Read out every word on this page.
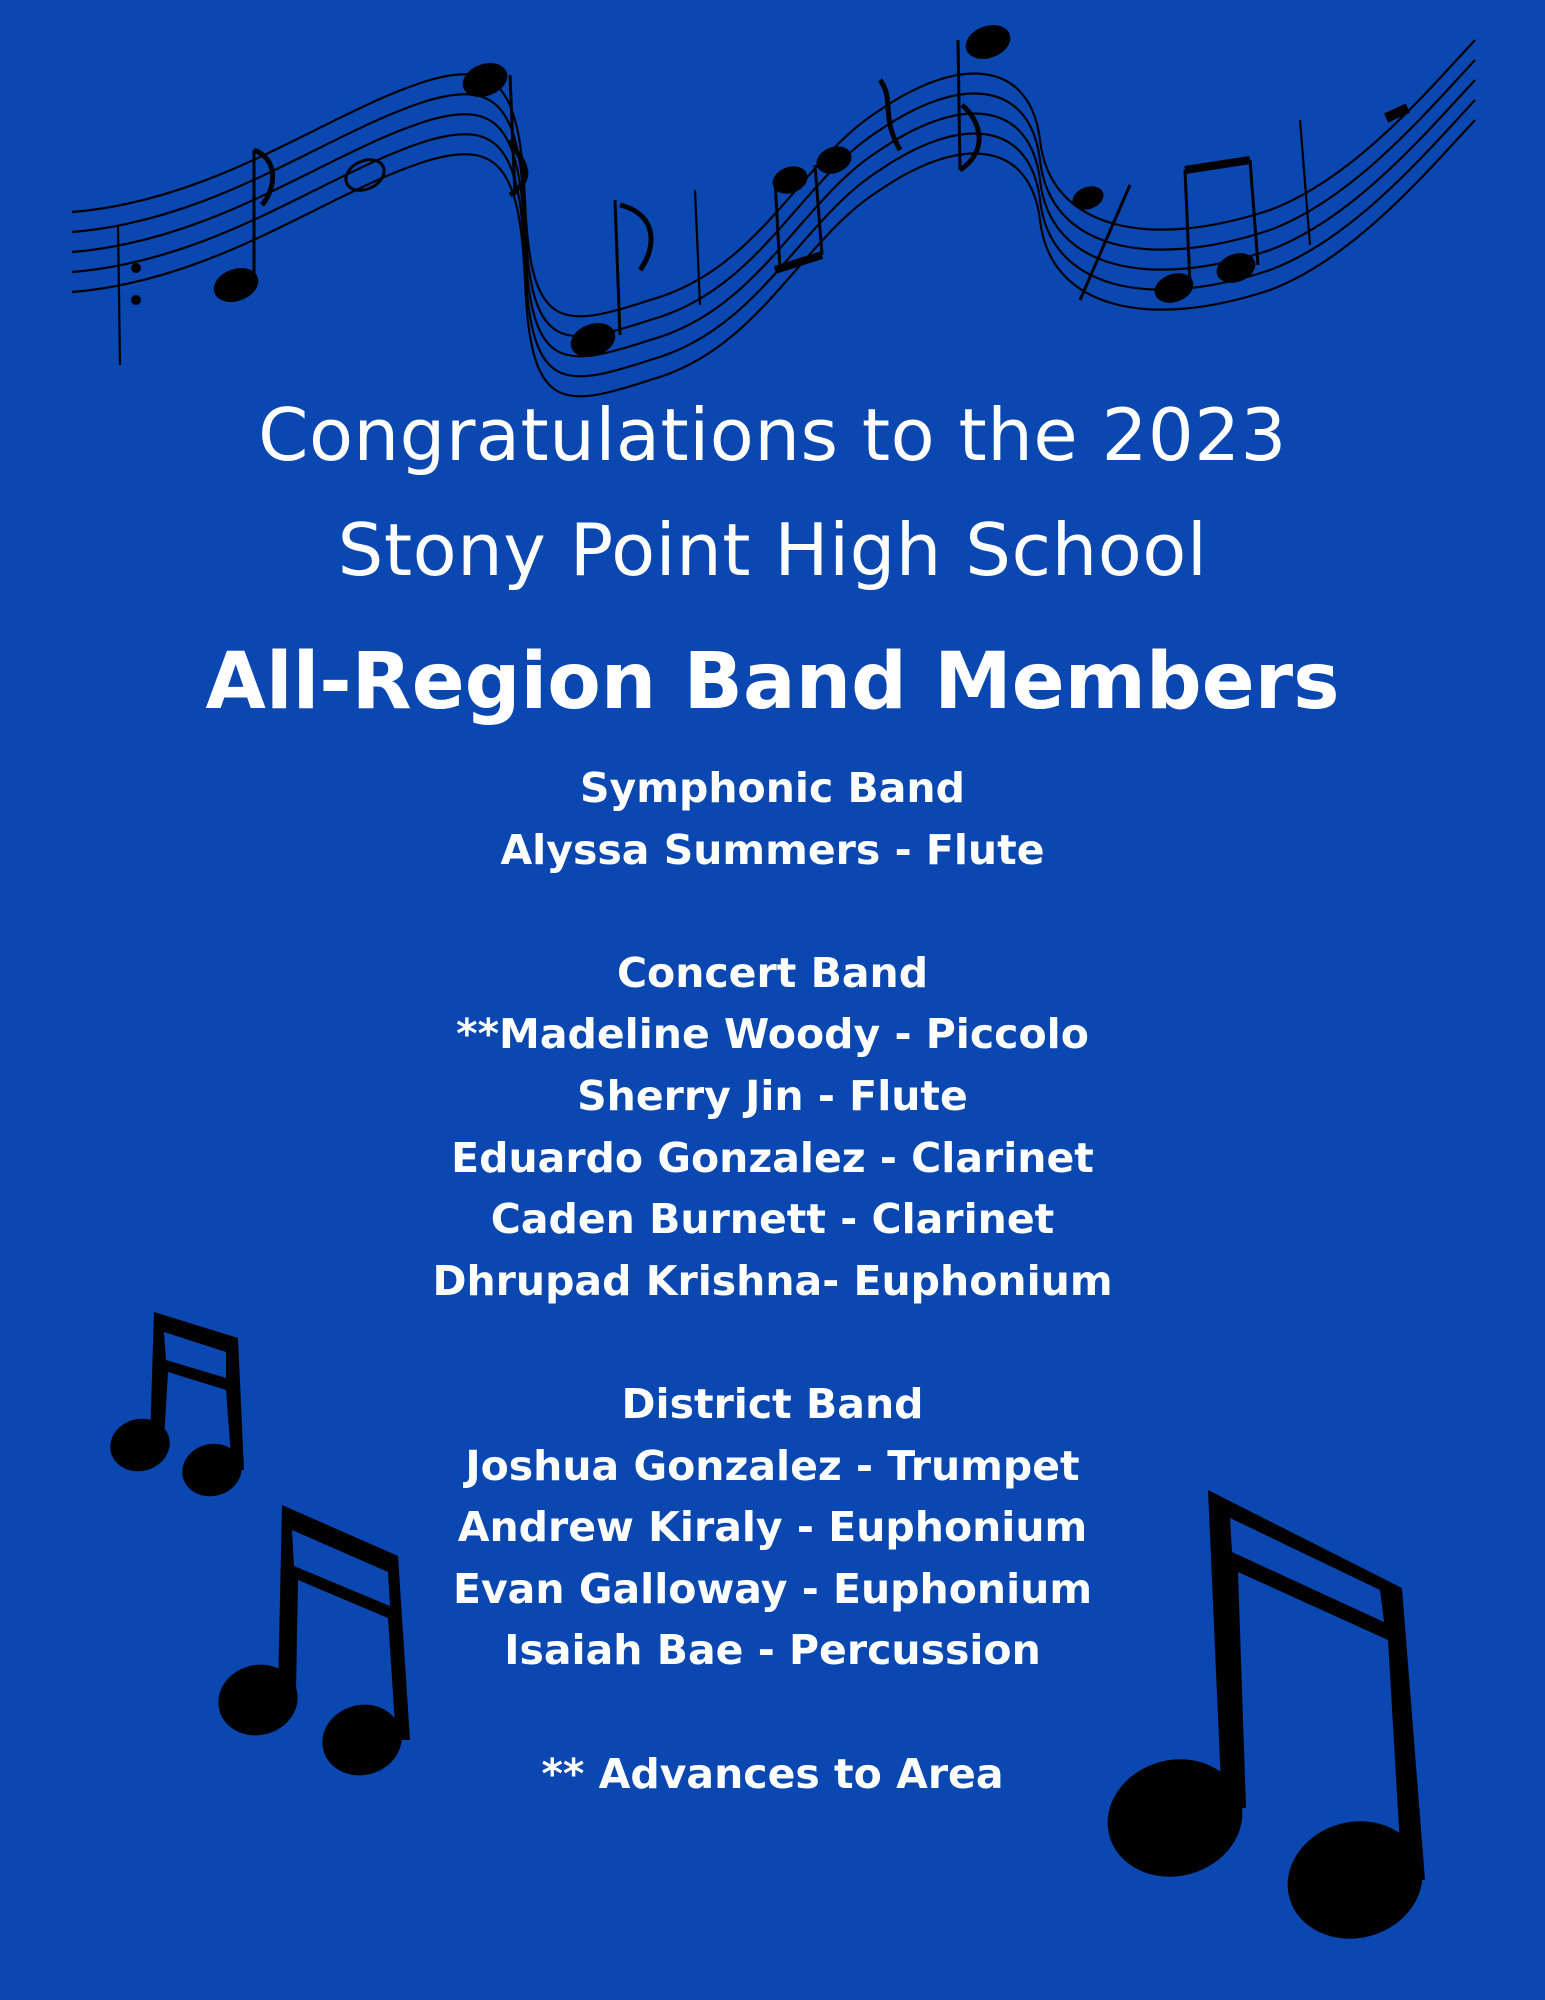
Congratulations to the 2023
Stony Point High School
All-Region Band Members
Symphonic Band
Alyssa Summers - Flute
Concert Band
**Madeline Woody - Piccolo
Sherry Jin - Flute
Eduardo Gonzalez - Clarinet
Caden Burnett - Clarinet
Dhrupad Krishna- Euphonium
District Band
Joshua Gonzalez - Trumpet
Andrew Kiraly - Euphonium
Evan Galloway - Euphonium
Isaiah Bae - Percussion
** Advances to Area
